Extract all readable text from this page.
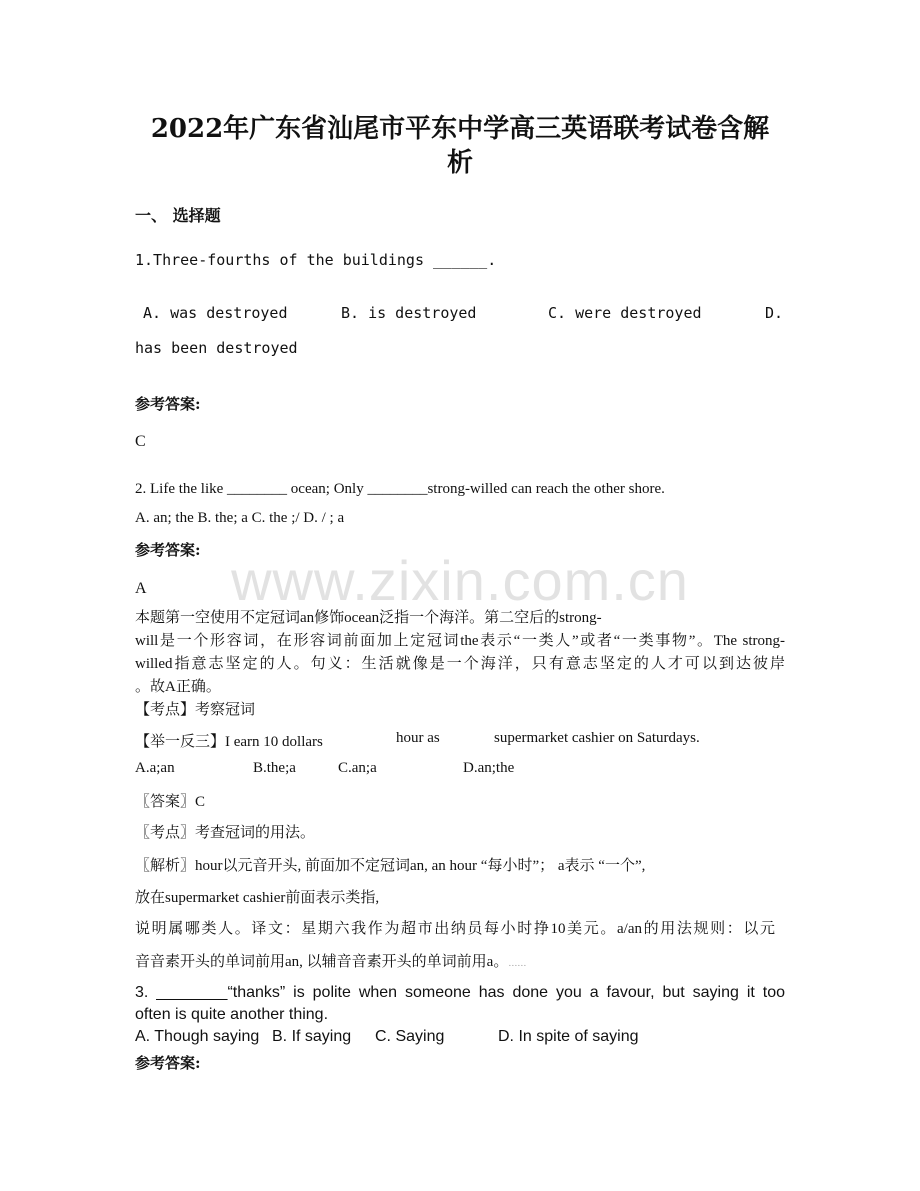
www.zixin.com.cn
2022年广东省汕尾市平东中学高三英语联考试卷含解
析
一、 选择题
1.Three-fourths of the buildings ______.
A. was destroyed	B. is destroyed	C. were destroyed	D.
has been destroyed
参考答案:
C
2. Life the like ________ ocean; Only ________strong-willed can reach the other shore.
A. an; the B. the; a C. the ;/ D. / ; a
参考答案:
A
本题第一空使用不定冠词an修饰ocean泛指一个海洋。第二空后的strong-
will是一个形容词，在形容词前面加上定冠词the表示“一类人”或者“一类事物”。The strong-
willed指意志坚定的人。句义：生活就像是一个海洋，只有意志坚定的人才可以到达彼岸
。故A正确。
【考点】考察冠词
【举一反三】I earn 10 dollars	hour as	supermarket cashier on Saturdays.
A.a;an	B.the;a	C.an;a	D.an;the
〖答案〗C
〖考点〗考查冠词的用法。
〖解析〗hour以元音开头, 前面加不定冠词an, an hour “每小时”； a表示 “一个”,
放在supermarket cashier前面表示类指,
说明属哪类人。译文：星期六我作为超市出纳员每小时挣10美元。a/an的用法规则：以元
音音素开头的单词前用an, 以辅音音素开头的单词前用a。……
3. ________“thanks” is polite when someone has done you a favour, but saying it too
often is quite another thing.
A. Though saying B. If saying C. Saying	D. In spite of saying
参考答案:
